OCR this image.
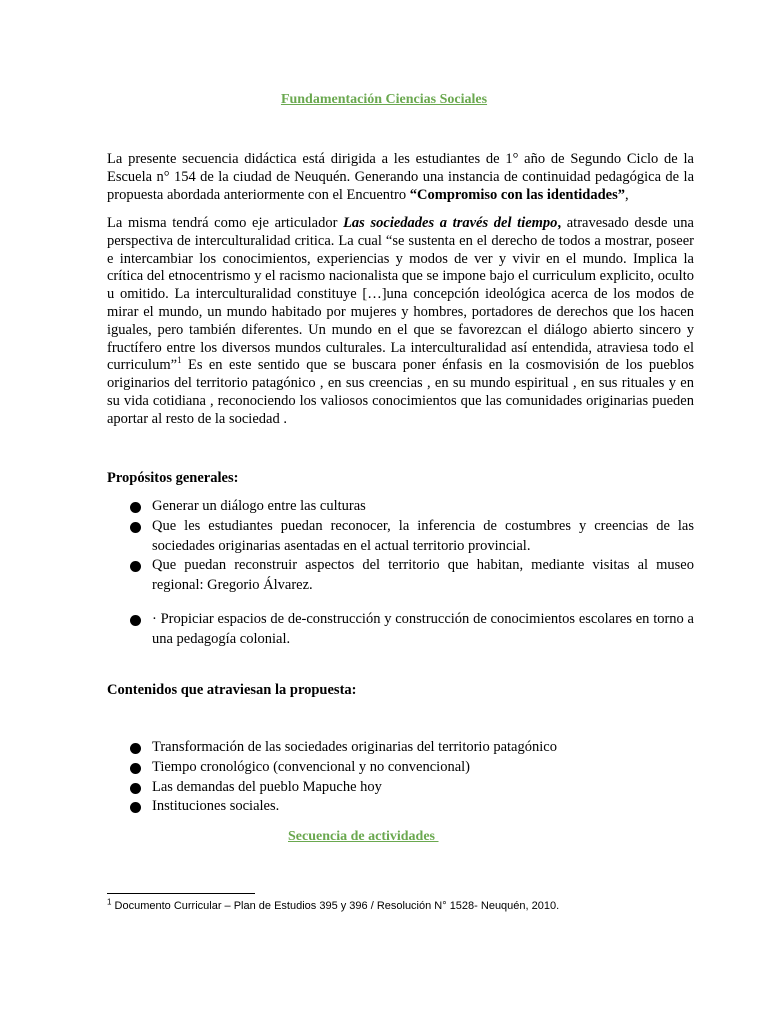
Fundamentación Ciencias Sociales

La presente secuencia didáctica está dirigida a les estudiantes de 1° año de Segundo Ciclo de la Escuela n° 154 de la ciudad de Neuquén. Generando una instancia de continuidad pedagógica de la propuesta abordada anteriormente con el Encuentro “Compromiso con las identidades”,

La misma tendrá como eje articulador Las sociedades a través del tiempo, atravesado desde una perspectiva de interculturalidad critica. La cual “se sustenta en el derecho de todos a mostrar, poseer e intercambiar los conocimientos, experiencias y modos de ver y vivir en el mundo. Implica la crítica del etnocentrismo y el racismo nacionalista que se impone bajo el curriculum explicito, oculto u omitido. La interculturalidad constituye […]una concepción ideológica acerca de los modos de mirar el mundo, un mundo habitado por mujeres y hombres, portadores de derechos que los hacen iguales, pero también diferentes. Un mundo en el que se favorezcan el diálogo abierto sincero y fructífero entre los diversos mundos culturales. La interculturalidad así entendida, atraviesa todo el curriculum”$^1$ Es en este sentido que se buscara poner énfasis en la cosmovisión de los pueblos originarios del territorio patagónico , en sus creencias , en su mundo espiritual , en sus rituales y en su vida cotidiana , reconociendo los valiosos conocimientos que las comunidades originarias pueden aportar al resto de la sociedad .

Propósitos generales:

Generar un diálogo entre las culturas
Que les estudiantes puedan reconocer, la inferencia de costumbres y creencias de las sociedades originarias asentadas en el actual territorio provincial.
Que puedan reconstruir aspectos del territorio que habitan, mediante visitas al museo regional: Gregorio Álvarez.
· Propiciar espacios de de-construcción y construcción de conocimientos escolares en torno a una pedagogía colonial.

Contenidos que atraviesan la propuesta:

Transformación de las sociedades originarias del territorio patagónico
Tiempo cronológico (convencional y no convencional)
Las demandas del pueblo Mapuche hoy
Instituciones sociales.

Secuencia de actividades

$^1$ Documento Curricular – Plan de Estudios 395 y 396 / Resolución N° 1528- Neuquén, 2010.
